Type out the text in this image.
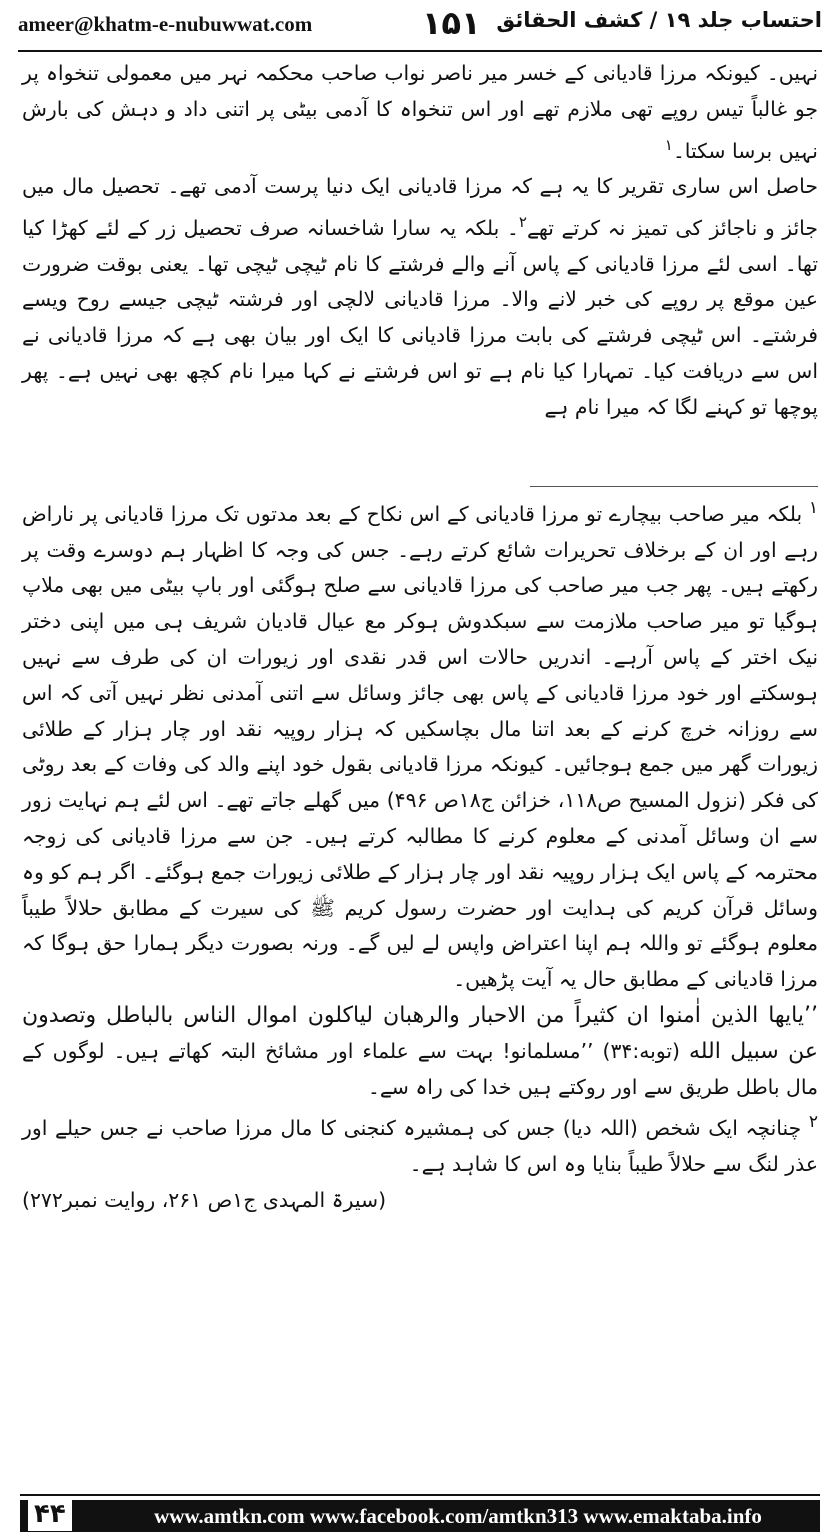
ameer@khatm-e-nubuwwat.com	۱۵۱ احتساب جلد ۱۹ / کشف الحقائق

نہیں۔ کیونکہ مرزا قادیانی کے خسر میر ناصر نواب صاحب محکمہ نہر میں معمولی تنخواہ پر جو غالباً تیس روپے تھی ملازم تھے اور اس تنخواہ کا آدمی بیٹی پر اتنی داد و دہش کی بارش نہیں برسا سکتا۔$^۱$

حاصل اس ساری تقریر کا یہ ہے کہ مرزا قادیانی ایک دنیا پرست آدمی تھے۔ تحصیل مال میں جائز و ناجائز کی تمیز نہ کرتے تھے$^۲$۔ بلکہ یہ سارا شاخسانہ صرف تحصیل زر کے لئے کھڑا کیا تھا۔ اسی لئے مرزا قادیانی کے پاس آنے والے فرشتے کا نام ٹیچی ٹیچی تھا۔ یعنی بوقت ضرورت عین موقع پر روپے کی خبر لانے والا۔ مرزا قادیانی لالچی اور فرشتہ ٹیچی جیسے روح ویسے فرشتے۔ اس ٹیچی فرشتے کی بابت مرزا قادیانی کا ایک اور بیان بھی ہے کہ مرزا قادیانی نے اس سے دریافت کیا۔ تمہارا کیا نام ہے تو اس فرشتے نے کہا میرا نام کچھ بھی نہیں ہے۔ پھر پوچھا تو کہنے لگا کہ میرا نام ہے

$^۱$ بلکہ میر صاحب بیچارے تو مرزا قادیانی کے اس نکاح کے بعد مدتوں تک مرزا قادیانی پر ناراض رہے اور ان کے برخلاف تحریرات شائع کرتے رہے۔ جس کی وجہ کا اظہار ہم دوسرے وقت پر رکھتے ہیں۔ پھر جب میر صاحب کی مرزا قادیانی سے صلح ہوگئی اور باپ بیٹی میں بھی ملاپ ہوگیا تو میر صاحب ملازمت سے سبکدوش ہوکر مع عیال قادیان شریف ہی میں اپنی دختر نیک اختر کے پاس آرہے۔ اندریں حالات اس قدر نقدی اور زیورات ان کی طرف سے نہیں ہوسکتے اور خود مرزا قادیانی کے پاس بھی جائز وسائل سے اتنی آمدنی نظر نہیں آتی کہ اس سے روزانہ خرچ کرنے کے بعد اتنا مال بچاسکیں کہ ہزار روپیہ نقد اور چار ہزار کے طلائی زیورات گھر میں جمع ہوجائیں۔ کیونکہ مرزا قادیانی بقول خود اپنے والد کی وفات کے بعد روٹی کی فکر (نزول المسیح ص۱۱۸، خزائن ج۱۸ص ۴۹۶) میں گھلے جاتے تھے۔ اس لئے ہم نہایت زور سے ان وسائل آمدنی کے معلوم کرنے کا مطالبہ کرتے ہیں۔ جن سے مرزا قادیانی کی زوجہ محترمہ کے پاس ایک ہزار روپیہ نقد اور چار ہزار کے طلائی زیورات جمع ہوگئے۔ اگر ہم کو وہ وسائل قرآن کریم کی ہدایت اور حضرت رسول کریم ﷺ کی سیرت کے مطابق حلالاً طیباً معلوم ہوگئے تو واللہ ہم اپنا اعتراض واپس لے لیں گے۔ ورنہ بصورت دیگر ہمارا حق ہوگا کہ مرزا قادیانی کے مطابق حال یہ آیت پڑھیں۔

’’یایها الذین اٰمنوا ان کثیراً من الاحبار والرهبان لیاکلون اموال الناس بالباطل وتصدون عن سبیل الله (توبه:۳۴) ’’مسلمانو! بہت سے علماء اور مشائخ البتہ کھاتے ہیں۔ لوگوں کے مال باطل طریق سے اور روکتے ہیں خدا کی راہ سے۔

$^۲$ چنانچہ ایک شخص (اللہ دیا) جس کی ہمشیرہ کنجنی کا مال مرزا صاحب نے جس حیلے اور عذر لنگ سے حلالاً طیباً بنایا وہ اس کا شاہد ہے۔

(سیرۃ المہدی ج۱ص ۲۶۱، روایت نمبر۲۷۲)
۴۴	www.amtkn.com www.facebook.com/amtkn313 www.emaktaba.info
